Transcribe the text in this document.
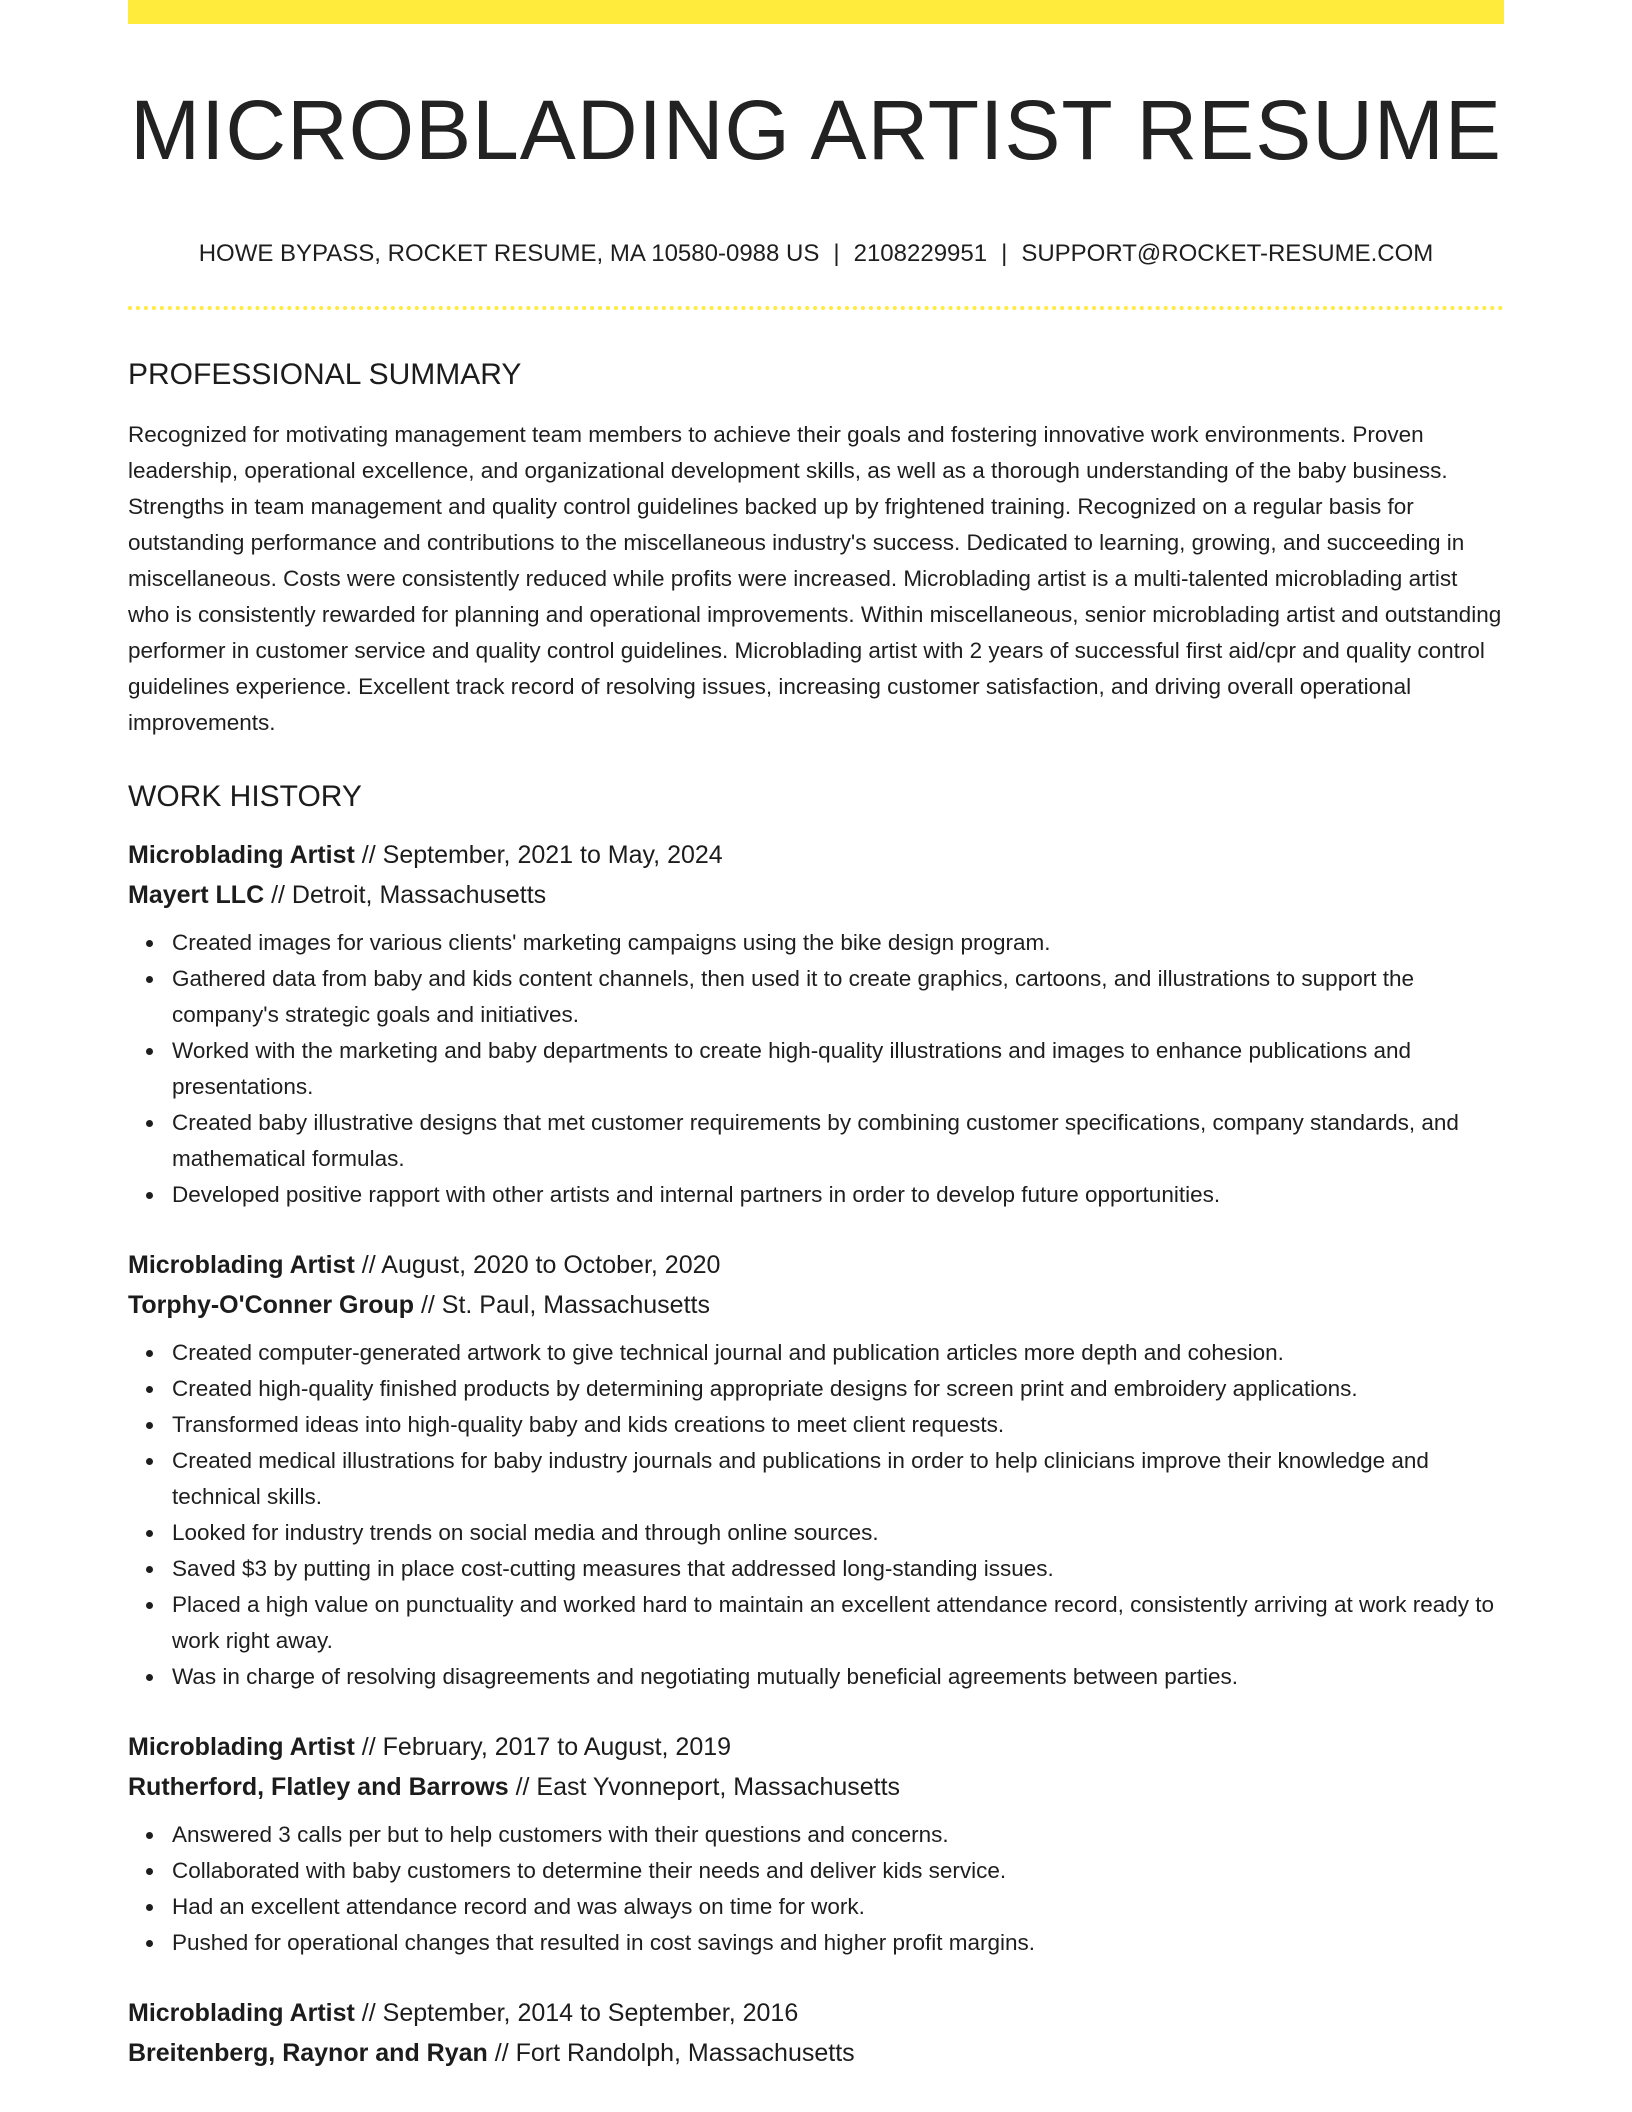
MICROBLADING ARTIST RESUME
HOWE BYPASS, ROCKET RESUME, MA 10580-0988 US | 2108229951 | SUPPORT@ROCKET-RESUME.COM
PROFESSIONAL SUMMARY

Recognized for motivating management team members to achieve their goals and fostering innovative work environments. Proven leadership, operational excellence, and organizational development skills, as well as a thorough understanding of the baby business. Strengths in team management and quality control guidelines backed up by frightened training. Recognized on a regular basis for outstanding performance and contributions to the miscellaneous industry's success. Dedicated to learning, growing, and succeeding in miscellaneous. Costs were consistently reduced while profits were increased. Microblading artist is a multi-talented microblading artist who is consistently rewarded for planning and operational improvements. Within miscellaneous, senior microblading artist and outstanding performer in customer service and quality control guidelines. Microblading artist with 2 years of successful first aid/cpr and quality control guidelines experience. Excellent track record of resolving issues, increasing customer satisfaction, and driving overall operational improvements.

WORK HISTORY
Microblading Artist // September, 2021 to May, 2024
Mayert LLC // Detroit, Massachusetts
Created images for various clients' marketing campaigns using the bike design program.
Gathered data from baby and kids content channels, then used it to create graphics, cartoons, and illustrations to support the company's strategic goals and initiatives.
Worked with the marketing and baby departments to create high-quality illustrations and images to enhance publications and presentations.
Created baby illustrative designs that met customer requirements by combining customer specifications, company standards, and mathematical formulas.
Developed positive rapport with other artists and internal partners in order to develop future opportunities.
Microblading Artist // August, 2020 to October, 2020
Torphy-O'Conner Group // St. Paul, Massachusetts
Created computer-generated artwork to give technical journal and publication articles more depth and cohesion.
Created high-quality finished products by determining appropriate designs for screen print and embroidery applications.
Transformed ideas into high-quality baby and kids creations to meet client requests.
Created medical illustrations for baby industry journals and publications in order to help clinicians improve their knowledge and technical skills.
Looked for industry trends on social media and through online sources.
Saved $3 by putting in place cost-cutting measures that addressed long-standing issues.
Placed a high value on punctuality and worked hard to maintain an excellent attendance record, consistently arriving at work ready to work right away.
Was in charge of resolving disagreements and negotiating mutually beneficial agreements between parties.
Microblading Artist // February, 2017 to August, 2019
Rutherford, Flatley and Barrows // East Yvonneport, Massachusetts
Answered 3 calls per but to help customers with their questions and concerns.
Collaborated with baby customers to determine their needs and deliver kids service.
Had an excellent attendance record and was always on time for work.
Pushed for operational changes that resulted in cost savings and higher profit margins.
Microblading Artist // September, 2014 to September, 2016
Breitenberg, Raynor and Ryan // Fort Randolph, Massachusetts
